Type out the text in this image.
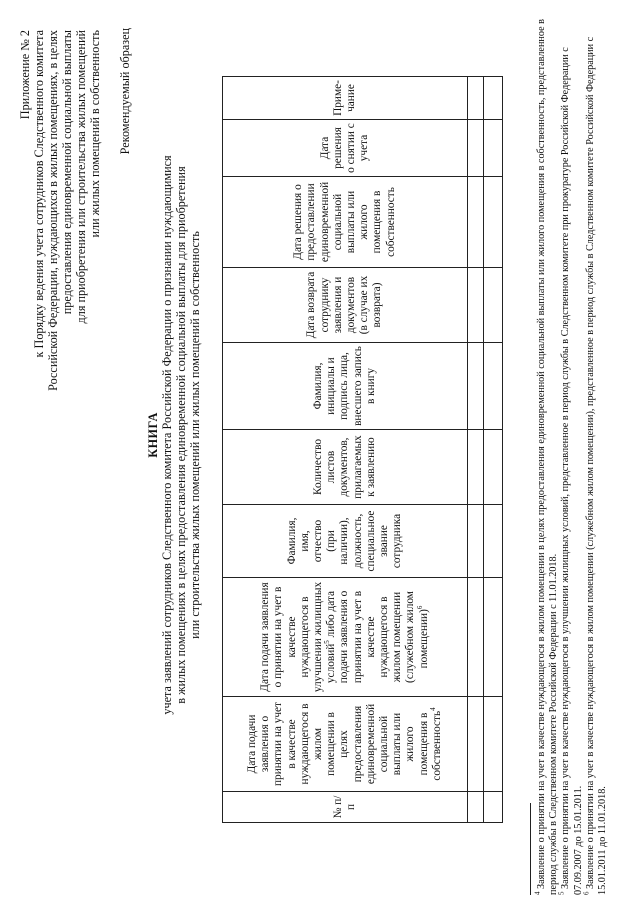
Приложение № 2 к Порядку ведения учета сотрудников Следственного комитета Российской Федерации, нуждающихся в жилых помещениях, в целях предоставления единовременной социальной выплаты для приобретения или строительства жилых помещений или жилых помещений в собственность Рекомендуемый образец
КНИГА учета заявлений сотрудников Следственного комитета Российской Федерации о признании нуждающимися в жилых помещениях в целях предоставления единовременной социальной выплаты для приобретения или строительства жилых помещений или жилых помещений в собственность
№ п/п	Дата подачи заявления о принятии на учет в качестве нуждающегося в жилом помещении в целях предоставления единовременной социальной выплаты или жилого помещения в собственность$^4$	Дата подачи заявления о принятии на учет в качестве нуждающегося в улучшении жилищных условий$^5$ либо дата подачи заявления о принятии на учет в качестве нуждающегося в жилом помещении (служебном жилом помещении)$^6$	Фамилия, имя, отчество (при наличии), должность, специальное звание сотрудника	Количество листов документов, прилагаемых к заявлению	Фамилия, инициалы и подпись лица, внесшего запись в книгу	Дата возврата сотруднику заявления и документов (в случае их возврата)	Дата решения о предоставлении единовременной социальной выплаты или жилого помещения в собственность	Дата решения о снятии с учета	Приме-чание

$^4$ Заявление о принятии на учет в качестве нуждающегося в жилом помещении в целях предоставления единовременной социальной выплаты или жилого помещения в собственность, представленное в период службы в Следственном комитете Российской Федерации с 11.01.2018.
$^5$ Заявление о принятии на учет в качестве нуждающегося в улучшении жилищных условий, представленное в период службы в Следственном комитете при прокуратуре Российской Федерации с 07.09.2007 до 15.01.2011.
$^6$ Заявление о принятии на учет в качестве нуждающегося в жилом помещении (служебном жилом помещении), представленное в период службы в Следственном комитете Российской Федерации с 15.01.2011 до 11.01.2018.
